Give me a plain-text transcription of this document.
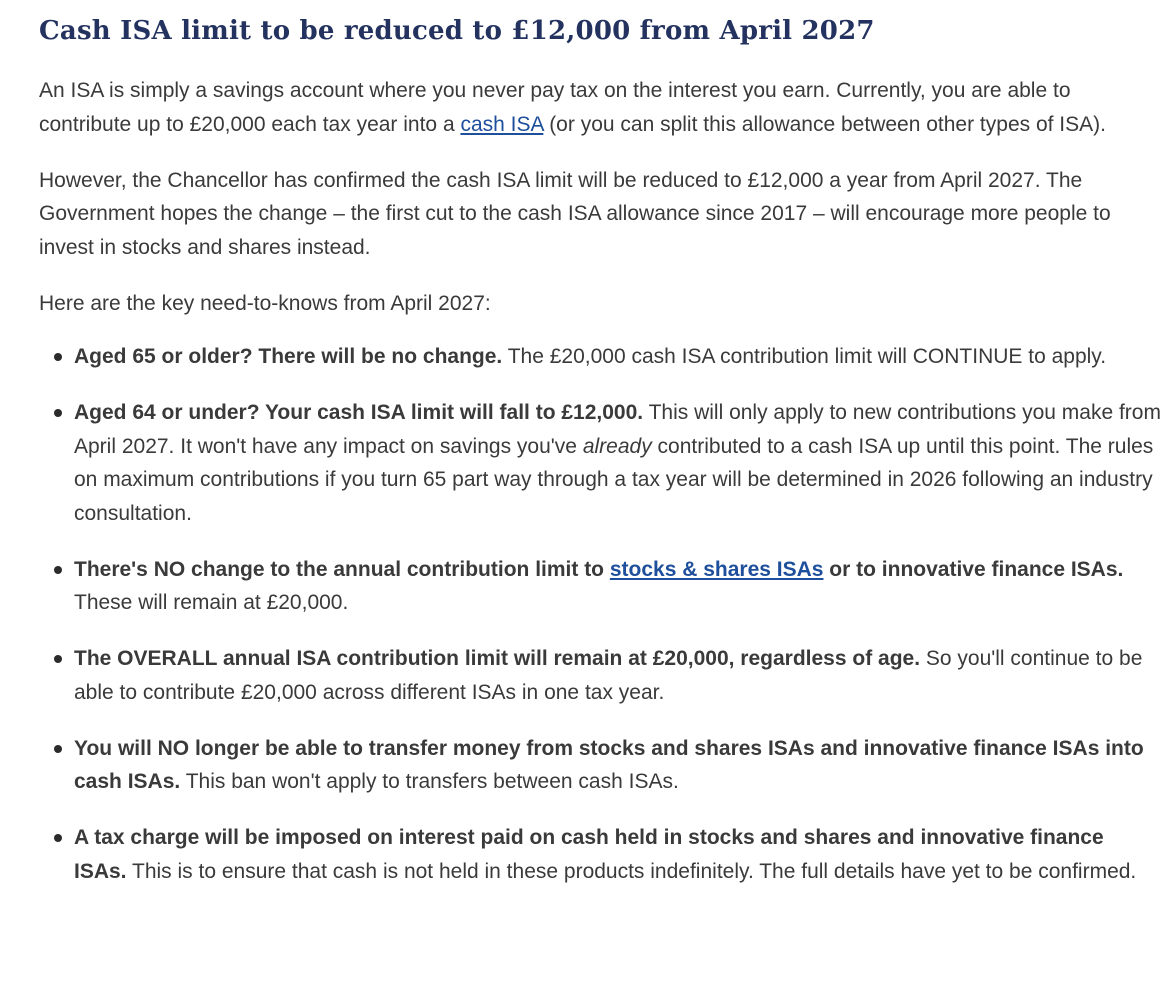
Cash ISA limit to be reduced to £12,000 from April 2027

An ISA is simply a savings account where you never pay tax on the interest you earn. Currently, you are able to contribute up to £20,000 each tax year into a cash ISA (or you can split this allowance between other types of ISA).

However, the Chancellor has confirmed the cash ISA limit will be reduced to £12,000 a year from April 2027. The Government hopes the change – the first cut to the cash ISA allowance since 2017 – will encourage more people to invest in stocks and shares instead.

Here are the key need-to-knows from April 2027:

Aged 65 or older? There will be no change. The £20,000 cash ISA contribution limit will CONTINUE to apply.
Aged 64 or under? Your cash ISA limit will fall to £12,000. This will only apply to new contributions you make from April 2027. It won't have any impact on savings you've already contributed to a cash ISA up until this point. The rules on maximum contributions if you turn 65 part way through a tax year will be determined in 2026 following an industry consultation.
There's NO change to the annual contribution limit to stocks & shares ISAs or to innovative finance ISAs. These will remain at £20,000.
The OVERALL annual ISA contribution limit will remain at £20,000, regardless of age. So you'll continue to be able to contribute £20,000 across different ISAs in one tax year.
You will NO longer be able to transfer money from stocks and shares ISAs and innovative finance ISAs into cash ISAs. This ban won't apply to transfers between cash ISAs.
A tax charge will be imposed on interest paid on cash held in stocks and shares and innovative finance ISAs. This is to ensure that cash is not held in these products indefinitely. The full details have yet to be confirmed.
